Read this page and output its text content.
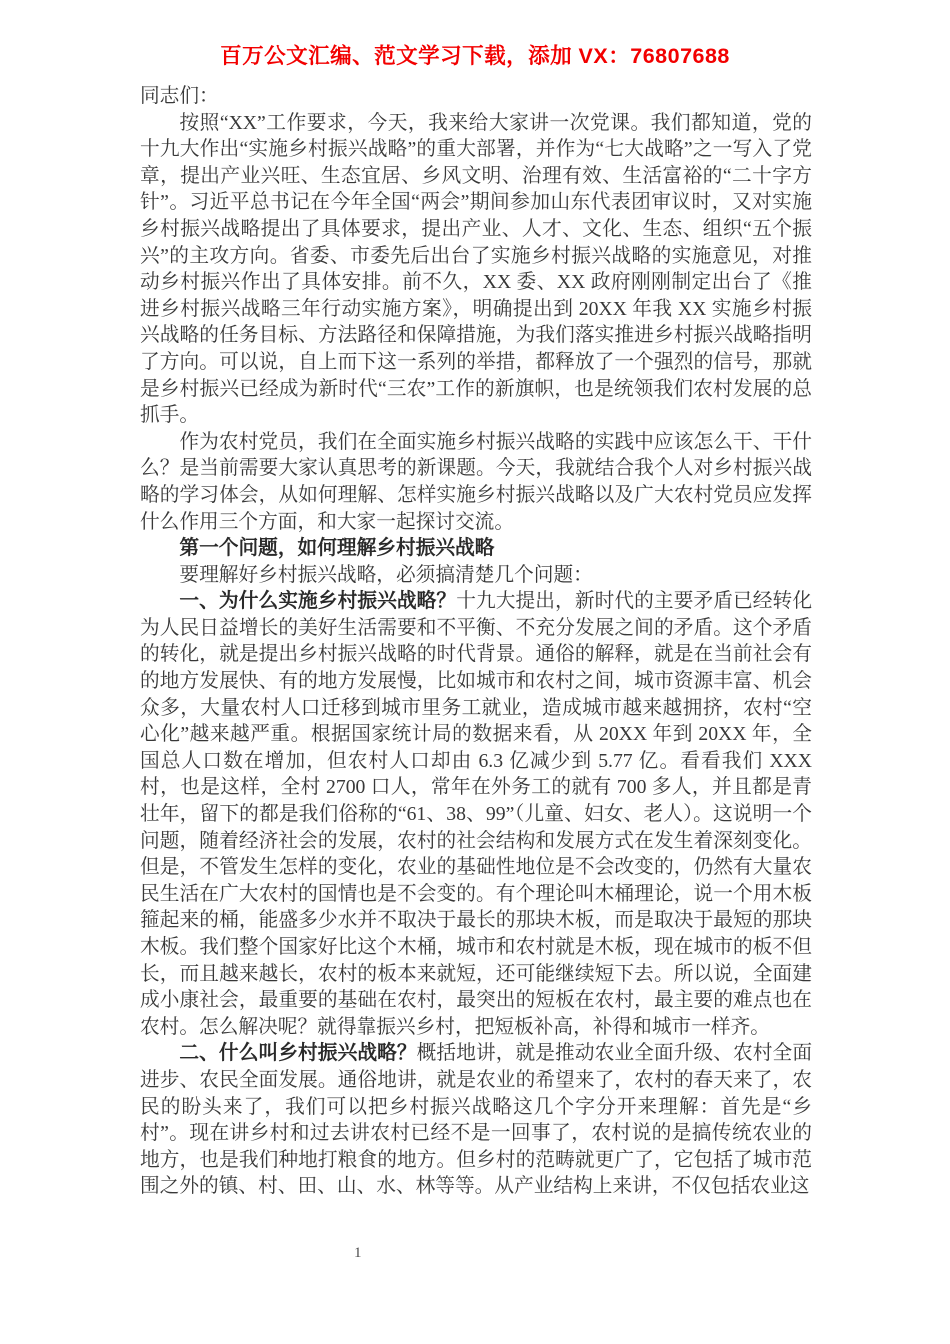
百万公文汇编、范文学习下载，添加 VX：76807688

同志们：

按照“XX”工作要求，今天，我来给大家讲一次党课。我们都知道，党的十九大作出“实施乡村振兴战略”的重大部署，并作为“七大战略”之一写入了党章，提出产业兴旺、生态宜居、乡风文明、治理有效、生活富裕的“二十字方针”。习近平总书记在今年全国“两会”期间参加山东代表团审议时，又对实施乡村振兴战略提出了具体要求，提出产业、人才、文化、生态、组织“五个振兴”的主攻方向。省委、市委先后出台了实施乡村振兴战略的实施意见，对推动乡村振兴作出了具体安排。前不久，XX 委、XX 政府刚刚制定出台了《推进乡村振兴战略三年行动实施方案》，明确提出到 20XX 年我 XX 实施乡村振兴战略的任务目标、方法路径和保障措施，为我们落实推进乡村振兴战略指明了方向。可以说，自上而下这一系列的举措，都释放了一个强烈的信号，那就是乡村振兴已经成为新时代“三农”工作的新旗帜，也是统领我们农村发展的总抓手。

作为农村党员，我们在全面实施乡村振兴战略的实践中应该怎么干、干什么？是当前需要大家认真思考的新课题。今天，我就结合我个人对乡村振兴战略的学习体会，从如何理解、怎样实施乡村振兴战略以及广大农村党员应发挥什么作用三个方面，和大家一起探讨交流。

第一个问题，如何理解乡村振兴战略

要理解好乡村振兴战略，必须搞清楚几个问题：

一、为什么实施乡村振兴战略？十九大提出，新时代的主要矛盾已经转化为人民日益增长的美好生活需要和不平衡、不充分发展之间的矛盾。这个矛盾的转化，就是提出乡村振兴战略的时代背景。通俗的解释，就是在当前社会有的地方发展快、有的地方发展慢，比如城市和农村之间，城市资源丰富、机会众多，大量农村人口迁移到城市里务工就业，造成城市越来越拥挤，农村“空心化”越来越严重。根据国家统计局的数据来看，从 20XX 年到 20XX 年，全国总人口数在增加，但农村人口却由 6.3 亿减少到 5.77 亿。看看我们 XXX 村，也是这样，全村 2700 口人，常年在外务工的就有 700 多人，并且都是青壮年，留下的都是我们俗称的“61、38、99”（儿童、妇女、老人）。这说明一个问题，随着经济社会的发展，农村的社会结构和发展方式在发生着深刻变化。但是，不管发生怎样的变化，农业的基础性地位是不会改变的，仍然有大量农民生活在广大农村的国情也是不会变的。有个理论叫木桶理论，说一个用木板箍起来的桶，能盛多少水并不取决于最长的那块木板，而是取决于最短的那块木板。我们整个国家好比这个木桶，城市和农村就是木板，现在城市的板不但长，而且越来越长，农村的板本来就短，还可能继续短下去。所以说，全面建成小康社会，最重要的基础在农村，最突出的短板在农村，最主要的难点也在农村。怎么解决呢？就得靠振兴乡村，把短板补高，补得和城市一样齐。

二、什么叫乡村振兴战略？概括地讲，就是推动农业全面升级、农村全面进步、农民全面发展。通俗地讲，就是农业的希望来了，农村的春天来了，农民的盼头来了，我们可以把乡村振兴战略这几个字分开来理解：首先是“乡村”。现在讲乡村和过去讲农村已经不是一回事了，农村说的是搞传统农业的地方，也是我们种地打粮食的地方。但乡村的范畴就更广了，它包括了城市范围之外的镇、村、田、山、水、林等等。从产业结构上来讲，不仅包括农业这

1
